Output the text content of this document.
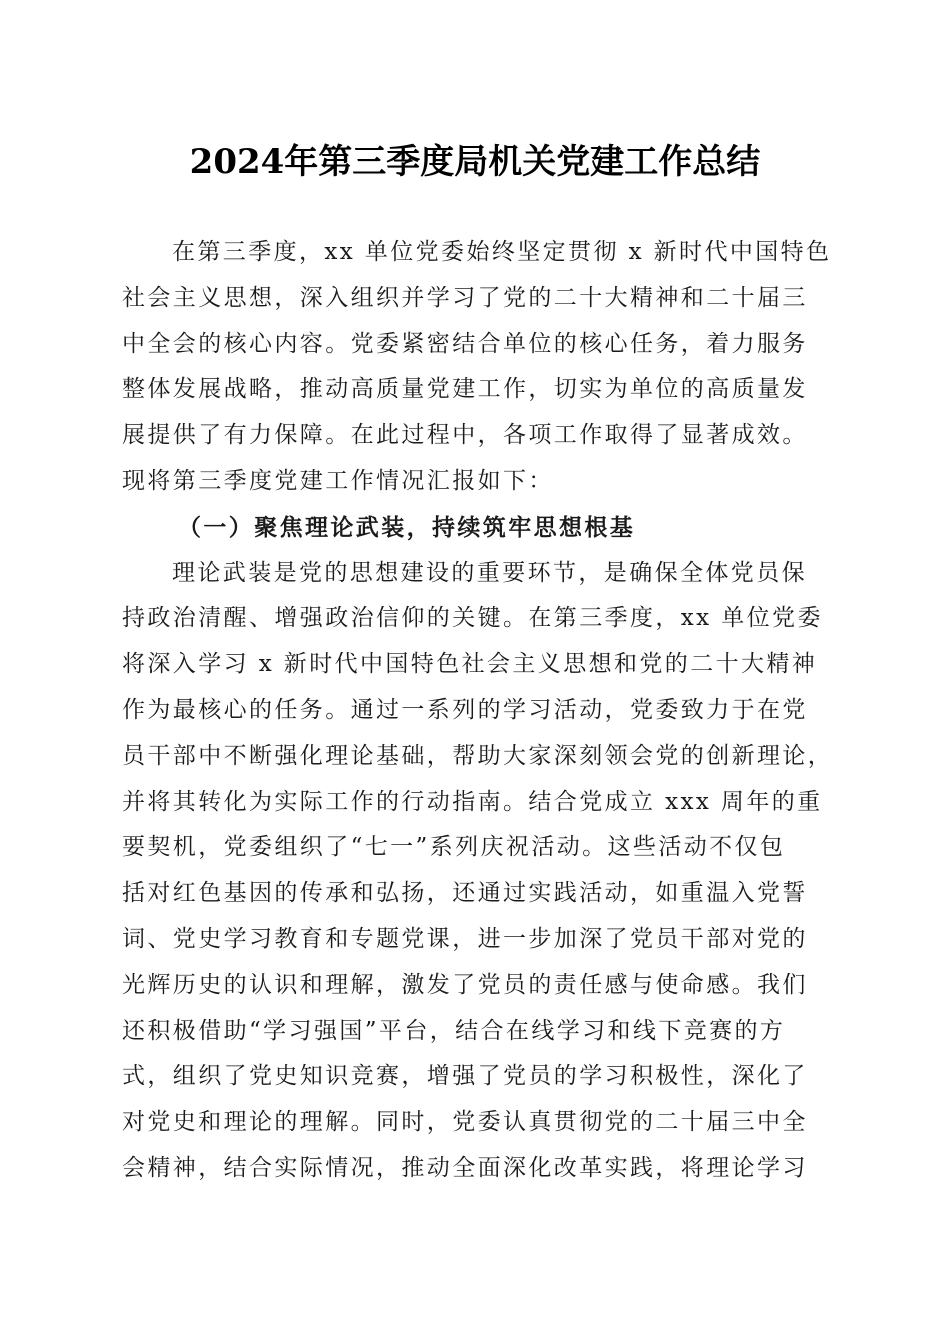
2024年第三季度局机关党建工作总结
在第三季度，xx 单位党委始终坚定贯彻 x 新时代中国特色
社会主义思想，深入组织并学习了党的二十大精神和二十届三
中全会的核心内容。党委紧密结合单位的核心任务，着力服务
整体发展战略，推动高质量党建工作，切实为单位的高质量发
展提供了有力保障。在此过程中，各项工作取得了显著成效。
现将第三季度党建工作情况汇报如下：
（一）聚焦理论武装，持续筑牢思想根基
理论武装是党的思想建设的重要环节，是确保全体党员保
持政治清醒、增强政治信仰的关键。在第三季度，xx 单位党委
将深入学习 x 新时代中国特色社会主义思想和党的二十大精神
作为最核心的任务。通过一系列的学习活动，党委致力于在党
员干部中不断强化理论基础，帮助大家深刻领会党的创新理论，
并将其转化为实际工作的行动指南。结合党成立 xxx 周年的重
要契机，党委组织了“七一”系列庆祝活动。这些活动不仅包
括对红色基因的传承和弘扬，还通过实践活动，如重温入党誓
词、党史学习教育和专题党课，进一步加深了党员干部对党的
光辉历史的认识和理解，激发了党员的责任感与使命感。我们
还积极借助“学习强国”平台，结合在线学习和线下竞赛的方
式，组织了党史知识竞赛，增强了党员的学习积极性，深化了
对党史和理论的理解。同时，党委认真贯彻党的二十届三中全
会精神，结合实际情况，推动全面深化改革实践，将理论学习
